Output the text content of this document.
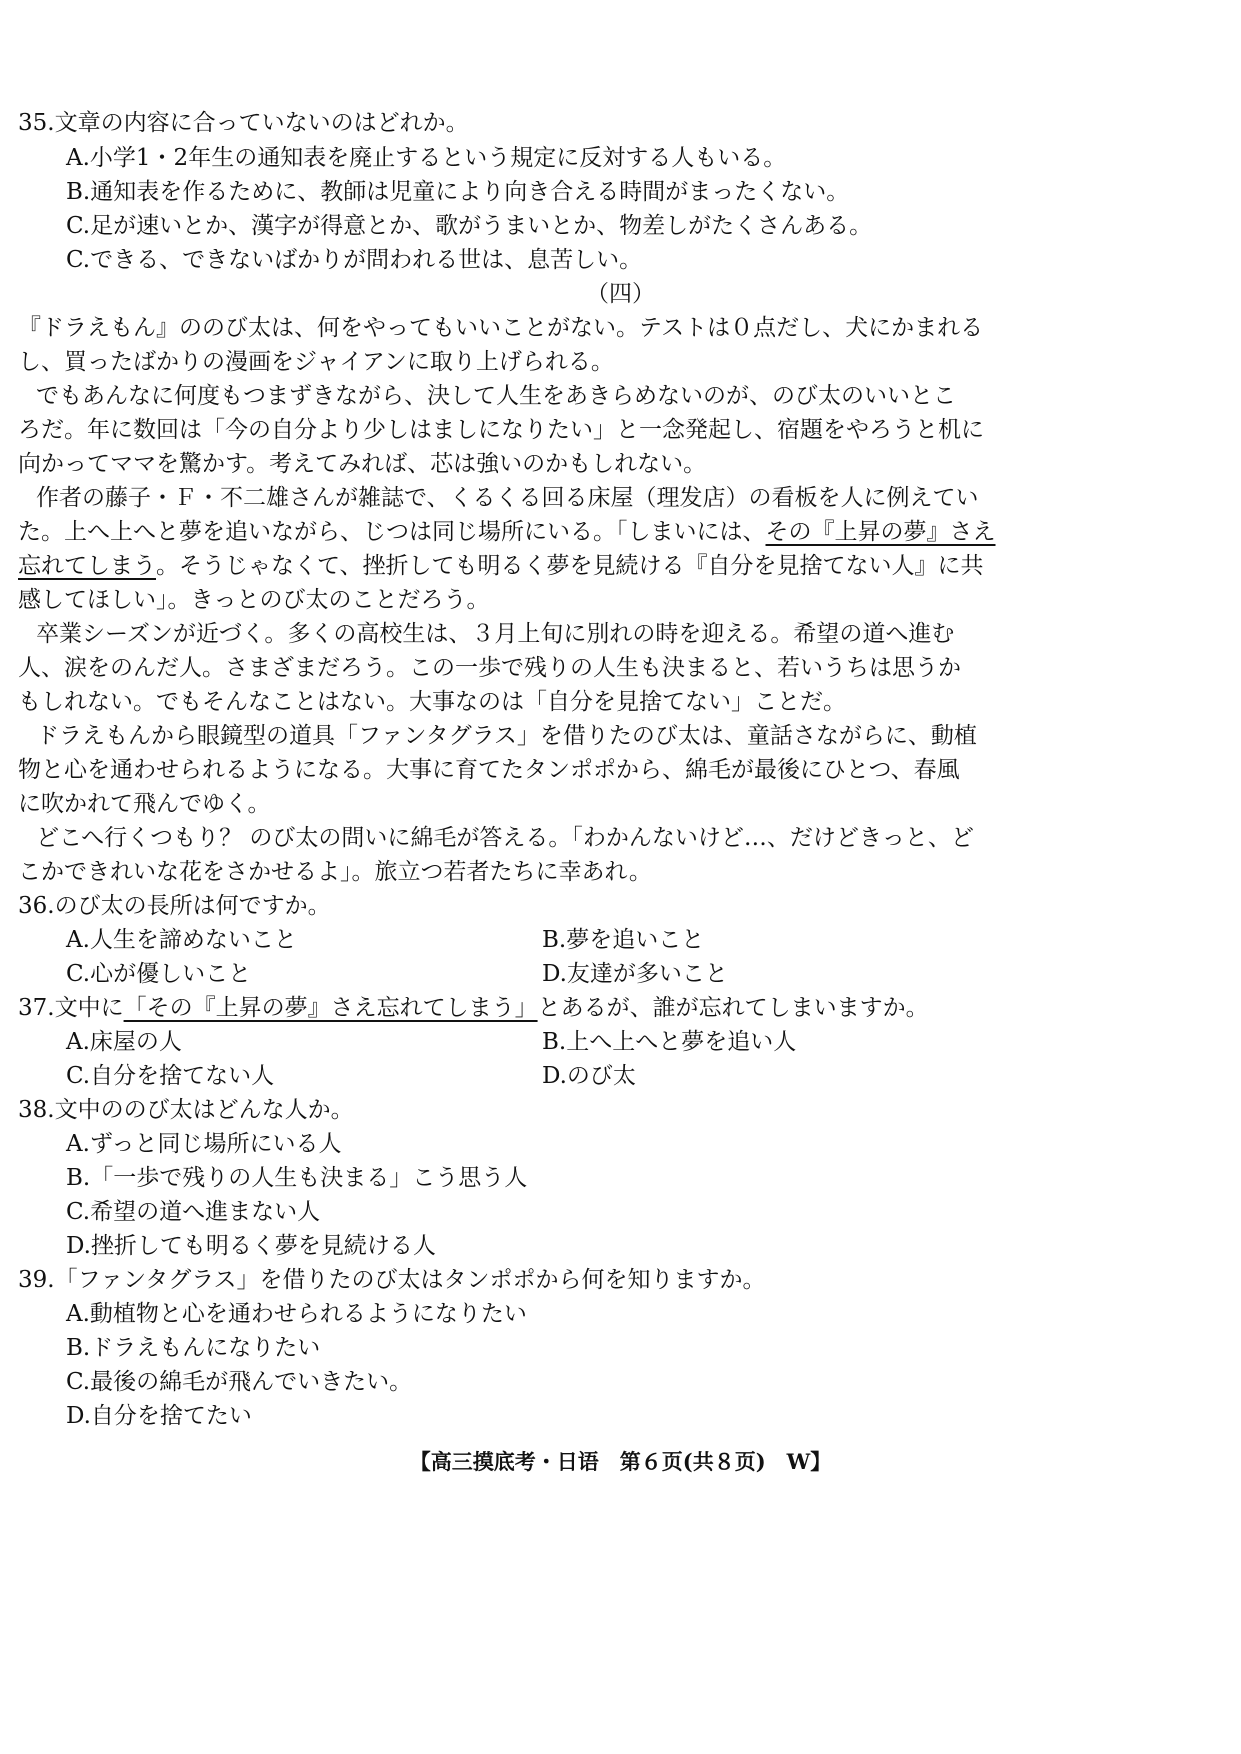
35.文章の内容に合っていないのはどれか。
A.小学1・2年生の通知表を廃止するという規定に反対する人もいる。
B.通知表を作るために、教師は児童により向き合える時間がまったくない。
C.足が速いとか、漢字が得意とか、歌がうまいとか、物差しがたくさんある。
C.できる、できないばかりが問われる世は、息苦しい。
（四）
『ドラえもん』ののび太は、何をやってもいいことがない。テストは０点だし、犬にかまれる
し、買ったばかりの漫画をジャイアンに取り上げられる。
でもあんなに何度もつまずきながら、決して人生をあきらめないのが、のび太のいいとこ
ろだ。年に数回は「今の自分より少しはましになりたい」と一念発起し、宿題をやろうと机に
向かってママを驚かす。考えてみれば、芯は強いのかもしれない。
作者の藤子・Ｆ・不二雄さんが雑誌で、くるくる回る床屋（理发店）の看板を人に例えてい
た。上へ上へと夢を追いながら、じつは同じ場所にいる。「しまいには、その『上昇の夢』さえ
忘れてしまう。そうじゃなくて、挫折しても明るく夢を見続ける『自分を見捨てない人』に共
感してほしい」。きっとのび太のことだろう。
卒業シーズンが近づく。多くの高校生は、３月上旬に別れの時を迎える。希望の道へ進む
人、涙をのんだ人。さまざまだろう。この一歩で残りの人生も決まると、若いうちは思うか
もしれない。でもそんなことはない。大事なのは「自分を見捨てない」ことだ。
ドラえもんから眼鏡型の道具「ファンタグラス」を借りたのび太は、童話さながらに、動植
物と心を通わせられるようになる。大事に育てたタンポポから、綿毛が最後にひとつ、春風
に吹かれて飛んでゆく。
どこへ行くつもり？ のび太の問いに綿毛が答える。「わかんないけど…、だけどきっと、ど
こかできれいな花をさかせるよ」。旅立つ若者たちに幸あれ。
36.のび太の長所は何ですか。
A.人生を諦めないこと	B.夢を追いこと
C.心が優しいこと	D.友達が多いこと
37.文中に「その『上昇の夢』さえ忘れてしまう」とあるが、誰が忘れてしまいますか。
A.床屋の人	B.上へ上へと夢を追い人
C.自分を捨てない人	D.のび太
38.文中ののび太はどんな人か。
A.ずっと同じ場所にいる人
B.「一歩で残りの人生も決まる」こう思う人
C.希望の道へ進まない人
D.挫折しても明るく夢を見続ける人
39.「ファンタグラス」を借りたのび太はタンポポから何を知りますか。
A.動植物と心を通わせられるようになりたい
B.ドラえもんになりたい
C.最後の綿毛が飛んでいきたい。
D.自分を捨てたい
【高三摸底考・日语　第６页(共８页)　W】
